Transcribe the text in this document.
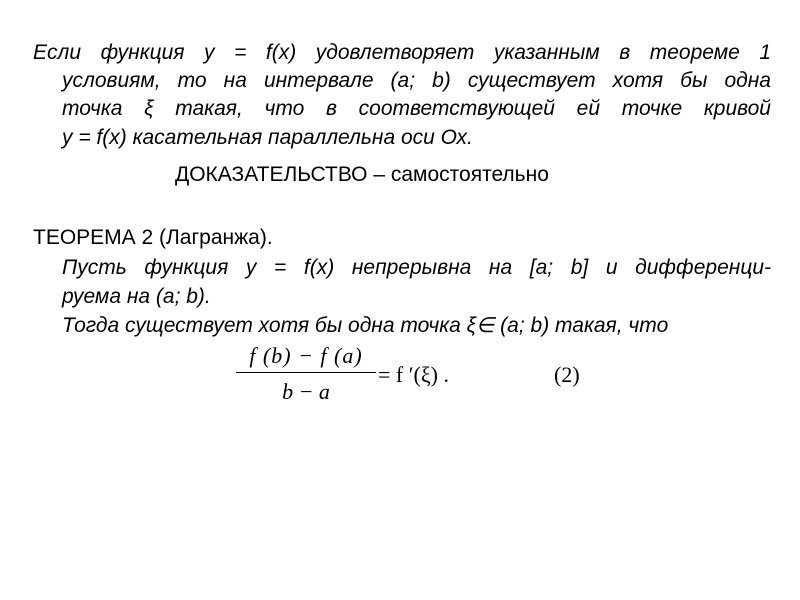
Если функция y = f(x) удовлетворяет указанным в теореме 1
условиям, то на интервале (a; b) существует хотя бы одна
точка ξ такая, что в соответствующей ей точке кривой
y = f(x) касательная параллельна оси Ох.
ДОКАЗАТЕЛЬСТВО – самостоятельно
ТЕОРЕМА 2 (Лагранжа).
Пусть функция y = f(x) непрерывна на [a; b] и дифференци-
руема на (a; b).
Тогда существует хотя бы одна точка ξ∈ (a; b) такая, что
f (b) − f (a)
b − a
= f ′(ξ) .	(2)
